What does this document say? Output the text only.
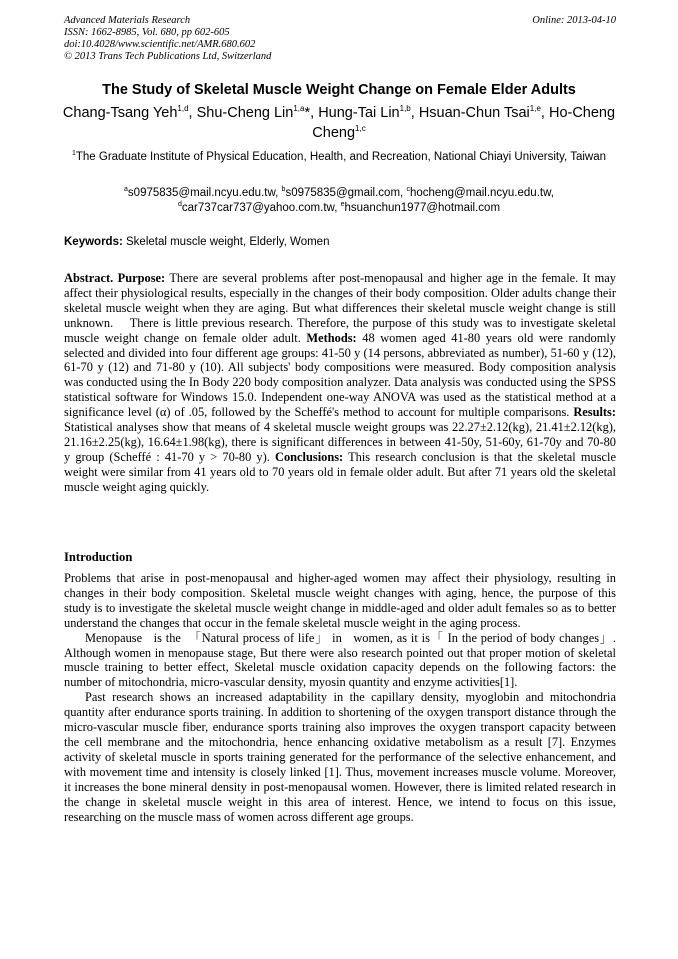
Advanced Materials Research
ISSN: 1662-8985, Vol. 680, pp 602-605
doi:10.4028/www.scientific.net/AMR.680.602
© 2013 Trans Tech Publications Ltd, Switzerland
Online: 2013-04-10
The Study of Skeletal Muscle Weight Change on Female Elder Adults
Chang-Tsang Yeh$^{1,d}$, Shu-Cheng Lin$^{1,a}$*, Hung-Tai Lin$^{1,b}$, Hsuan-Chun Tsai$^{1,e}$, Ho-Cheng Cheng$^{1,c}$
$^1$The Graduate Institute of Physical Education, Health, and Recreation, National Chiayi University, Taiwan
$^a$s0975835@mail.ncyu.edu.tw, $^b$s0975835@gmail.com, $^c$hocheng@mail.ncyu.edu.tw,
$^d$car737car737@yahoo.com.tw, $^e$hsuanchun1977@hotmail.com
Keywords: Skeletal muscle weight, Elderly, Women
Abstract. Purpose: There are several problems after post-menopausal and higher age in the female. It may affect their physiological results, especially in the changes of their body composition. Older adults change their skeletal muscle weight when they are aging. But what differences their skeletal muscle weight change is still unknown.    There is little previous research. Therefore, the purpose of this study was to investigate skeletal muscle weight change on female older adult. Methods: 48 women aged 41-80 years old were randomly selected and divided into four different age groups: 41-50 y (14 persons, abbreviated as number), 51-60 y (12), 61-70 y (12) and 71-80 y (10). All subjects' body compositions were measured. Body composition analysis was conducted using the In Body 220 body composition analyzer. Data analysis was conducted using the SPSS statistical software for Windows 15.0. Independent one-way ANOVA was used as the statistical method at a significance level (α) of .05, followed by the Scheffé's method to account for multiple comparisons. Results: Statistical analyses show that means of 4 skeletal muscle weight groups was 22.27±2.12(kg), 21.41±2.12(kg), 21.16±2.25(kg), 16.64±1.98(kg), there is significant differences in between 41-50y, 51-60y, 61-70y and 70-80 y group (Scheffé : 41-70 y > 70-80 y). Conclusions: This research conclusion is that the skeletal muscle weight were similar from 41 years old to 70 years old in female older adult. But after 71 years old the skeletal muscle weight aging quickly.
Introduction

Problems that arise in post-menopausal and higher-aged women may affect their physiology, resulting in changes in their body composition. Skeletal muscle weight changes with aging, hence, the purpose of this study is to investigate the skeletal muscle weight change in middle-aged and older adult females so as to better understand the changes that occur in the female skeletal muscle weight in the aging process.

Menopause   is the  「Natural process of life」 in   women, as it is「 In the period of body changes」. Although women in menopause stage, But there were also research pointed out that proper motion of skeletal muscle training to better effect, Skeletal muscle oxidation capacity depends on the following factors: the number of mitochondria, micro-vascular density, myosin quantity and enzyme activities[1].

Past research shows an increased adaptability in the capillary density, myoglobin and mitochondria quantity after endurance sports training. In addition to shortening of the oxygen transport distance through the micro-vascular muscle fiber, endurance sports training also improves the oxygen transport capacity between the cell membrane and the mitochondria, hence enhancing oxidative metabolism as a result [7]. Enzymes activity of skeletal muscle in sports training generated for the performance of the selective enhancement, and with movement time and intensity is closely linked [1]. Thus, movement increases muscle volume. Moreover, it increases the bone mineral density in post-menopausal women. However, there is limited related research in the change in skeletal muscle weight in this area of interest. Hence, we intend to focus on this issue, researching on the muscle mass of women across different age groups.
